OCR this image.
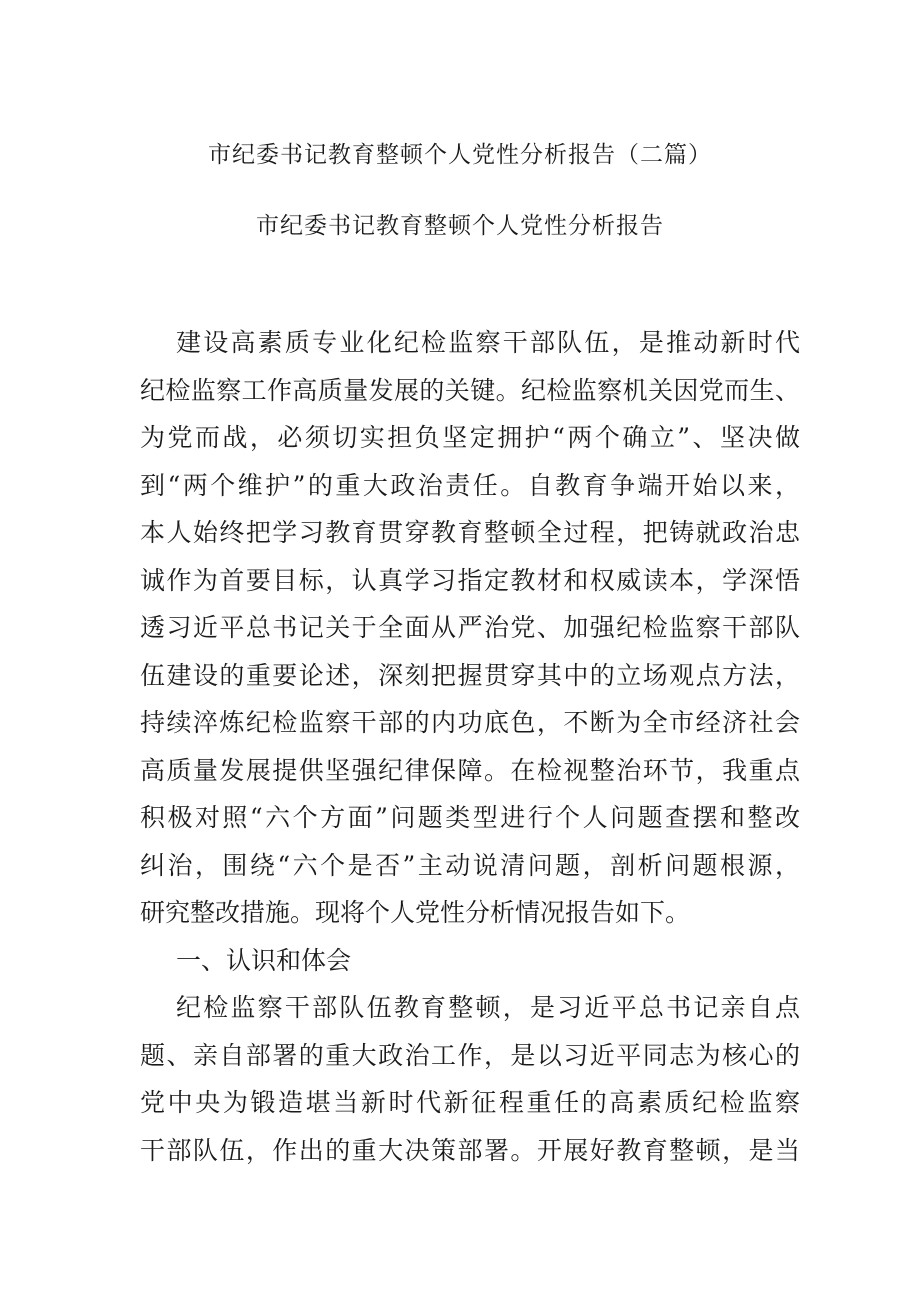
市纪委书记教育整顿个人党性分析报告（二篇）
市纪委书记教育整顿个人党性分析报告
建设高素质专业化纪检监察干部队伍，是推动新时代
纪检监察工作高质量发展的关键。纪检监察机关因党而生、
为党而战，必须切实担负坚定拥护“两个确立”、坚决做
到“两个维护”的重大政治责任。自教育争端开始以来，
本人始终把学习教育贯穿教育整顿全过程，把铸就政治忠
诚作为首要目标，认真学习指定教材和权威读本，学深悟
透习近平总书记关于全面从严治党、加强纪检监察干部队
伍建设的重要论述，深刻把握贯穿其中的立场观点方法，
持续淬炼纪检监察干部的内功底色，不断为全市经济社会
高质量发展提供坚强纪律保障。在检视整治环节，我重点
积极对照“六个方面”问题类型进行个人问题查摆和整改
纠治，围绕“六个是否”主动说清问题，剖析问题根源，
研究整改措施。现将个人党性分析情况报告如下。
一、认识和体会
纪检监察干部队伍教育整顿，是习近平总书记亲自点
题、亲自部署的重大政治工作，是以习近平同志为核心的
党中央为锻造堪当新时代新征程重任的高素质纪检监察
干部队伍，作出的重大决策部署。开展好教育整顿，是当
